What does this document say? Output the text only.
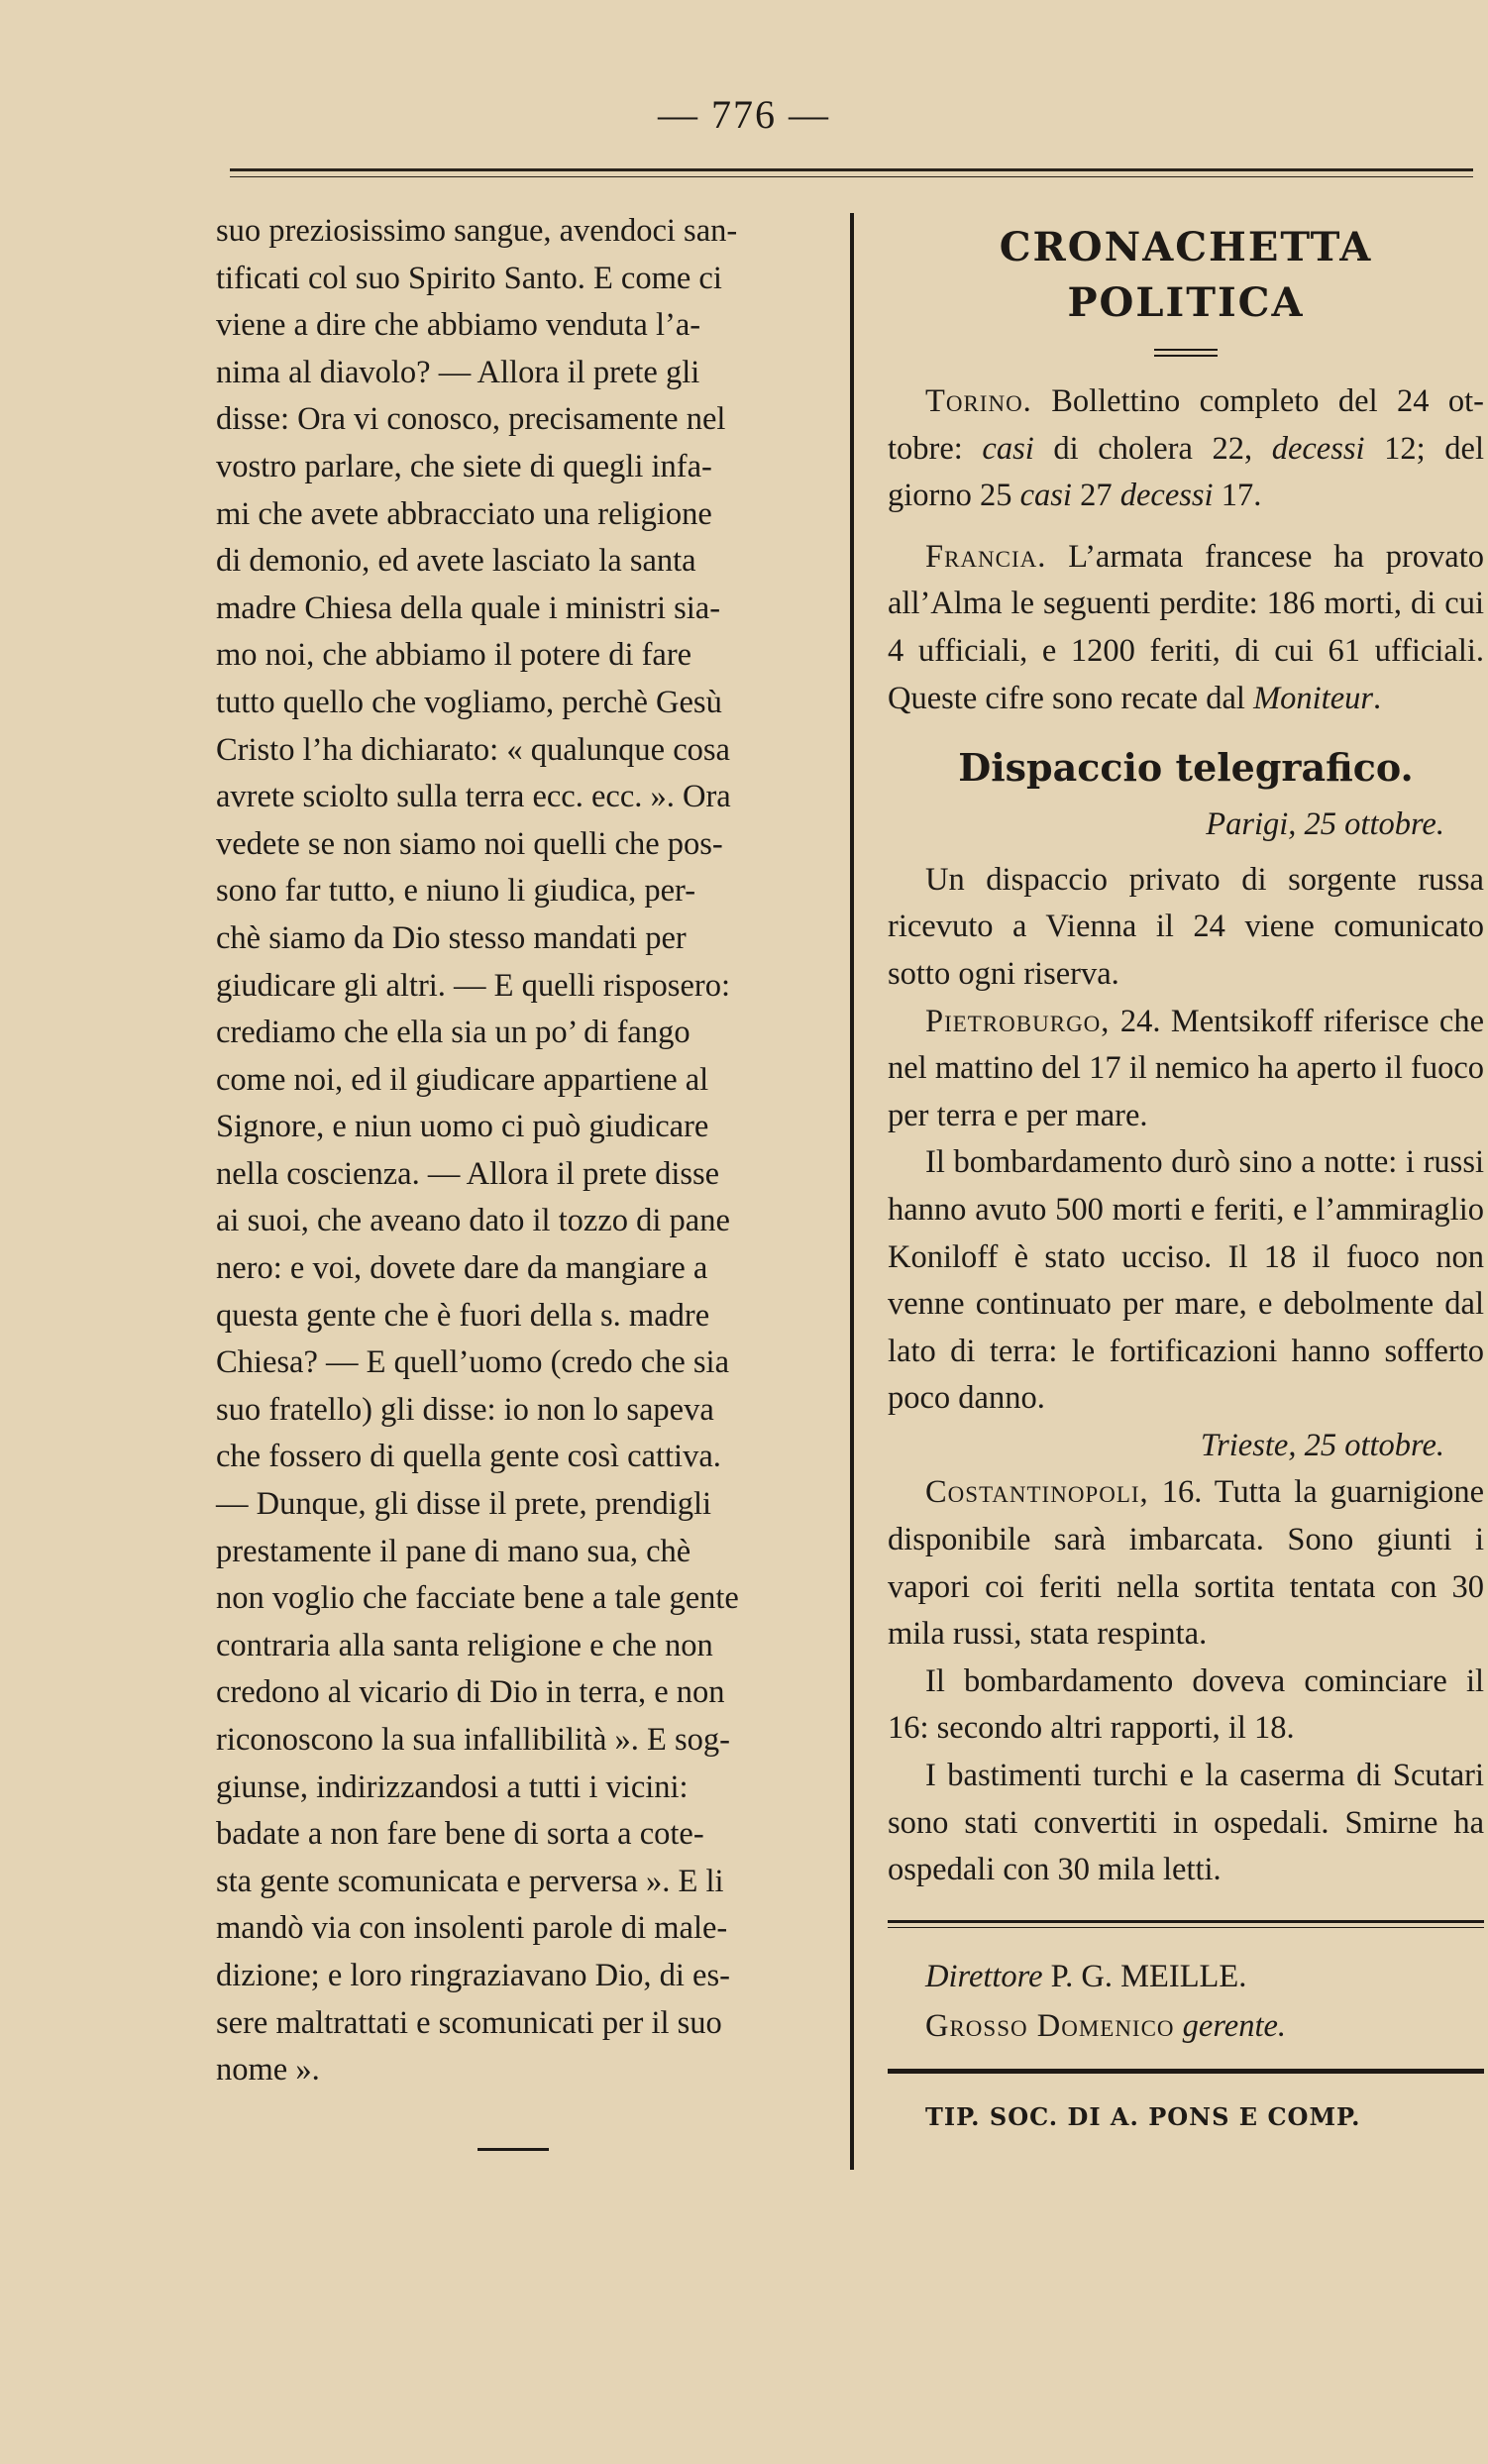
— 776 —

suo preziosissimo sangue, avendoci san-
tificati col suo Spirito Santo. E come ci
viene a dire che abbiamo venduta l’a-
nima al diavolo? — Allora il prete gli
disse: Ora vi conosco, precisamente nel
vostro parlare, che siete di quegli infa-
mi che avete abbracciato una religione
di demonio, ed avete lasciato la santa
madre Chiesa della quale i ministri sia-
mo noi, che abbiamo il potere di fare
tutto quello che vogliamo, perchè Gesù
Cristo l’ha dichiarato: « qualunque cosa
avrete sciolto sulla terra ecc. ecc. ». Ora
vedete se non siamo noi quelli che pos-
sono far tutto, e niuno li giudica, per-
chè siamo da Dio stesso mandati per
giudicare gli altri. — E quelli risposero:
crediamo che ella sia un po’ di fango
come noi, ed il giudicare appartiene al
Signore, e niun uomo ci può giudicare
nella coscienza. — Allora il prete disse
ai suoi, che aveano dato il tozzo di pane
nero: e voi, dovete dare da mangiare a
questa gente che è fuori della s. madre
Chiesa? — E quell’uomo (credo che sia
suo fratello) gli disse: io non lo sapeva
che fossero di quella gente così cattiva.
— Dunque, gli disse il prete, prendigli
prestamente il pane di mano sua, chè
non voglio che facciate bene a tale gente
contraria alla santa religione e che non
credono al vicario di Dio in terra, e non
riconoscono la sua infallibilità ». E sog-
giunse, indirizzandosi a tutti i vicini:
badate a non fare bene di sorta a cote-
sta gente scomunicata e perversa ». E li
mandò via con insolenti parole di male-
dizione; e loro ringraziavano Dio, di es-
sere maltrattati e scomunicati per il suo
nome ».

CRONACHETTA POLITICA

Torino. Bollettino completo del 24 ot-tobre: casi di cholera 22, decessi 12; del giorno 25 casi 27 decessi 17.

Francia. L’armata francese ha provato all’Alma le seguenti perdite: 186 morti, di cui 4 ufficiali, e 1200 feriti, di cui 61 ufficiali. Queste cifre sono recate dal Moniteur.

Dispaccio telegrafico.

Parigi, 25 ottobre.

Un dispaccio privato di sorgente russa ricevuto a Vienna il 24 viene comunicato sotto ogni riserva.

Pietroburgo, 24. Mentsikoff riferisce che nel mattino del 17 il nemico ha aperto il fuoco per terra e per mare.

Il bombardamento durò sino a notte: i russi hanno avuto 500 morti e feriti, e l’ammiraglio Koniloff è stato ucciso. Il 18 il fuoco non venne continuato per mare, e debolmente dal lato di terra: le fortificazioni hanno sofferto poco danno.

Trieste, 25 ottobre.

Costantinopoli, 16. Tutta la guarnigione disponibile sarà imbarcata. Sono giunti i vapori coi feriti nella sortita tentata con 30 mila russi, stata respinta.

Il bombardamento doveva cominciare il 16: secondo altri rapporti, il 18.

I bastimenti turchi e la caserma di Scutari sono stati convertiti in ospedali. Smirne ha ospedali con 30 mila letti.

Direttore P. G. MEILLE.

Grosso Domenico gerente.

TIP. SOC. DI A. PONS E COMP.
